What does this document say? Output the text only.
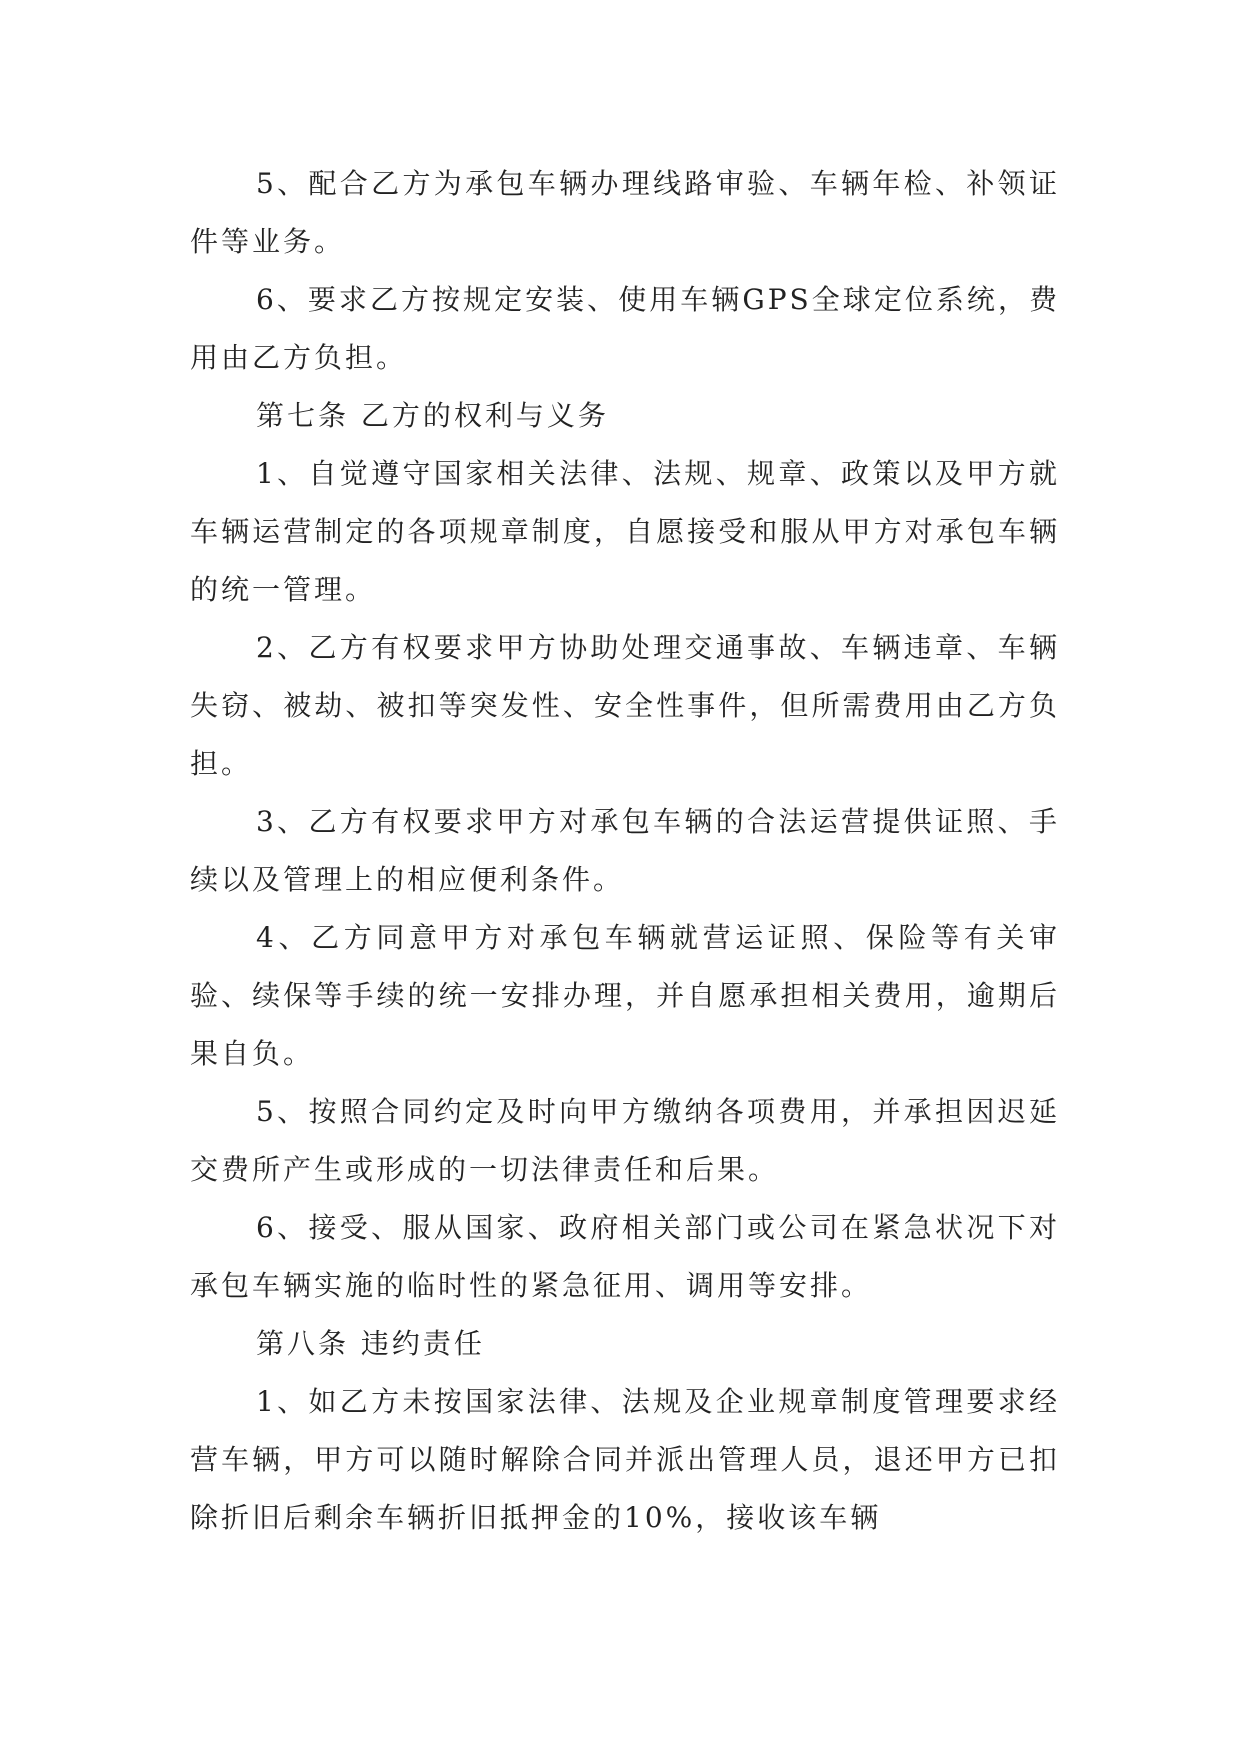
5、配合乙方为承包车辆办理线路审验、车辆年检、补领证件等业务。

6、要求乙方按规定安装、使用车辆GPS全球定位系统，费用由乙方负担。

第七条 乙方的权利与义务

1、自觉遵守国家相关法律、法规、规章、政策以及甲方就车辆运营制定的各项规章制度，自愿接受和服从甲方对承包车辆的统一管理。

2、乙方有权要求甲方协助处理交通事故、车辆违章、车辆失窃、被劫、被扣等突发性、安全性事件，但所需费用由乙方负担。

3、乙方有权要求甲方对承包车辆的合法运营提供证照、手续以及管理上的相应便利条件。

4、乙方同意甲方对承包车辆就营运证照、保险等有关审验、续保等手续的统一安排办理，并自愿承担相关费用，逾期后果自负。

5、按照合同约定及时向甲方缴纳各项费用，并承担因迟延交费所产生或形成的一切法律责任和后果。

6、接受、服从国家、政府相关部门或公司在紧急状况下对承包车辆实施的临时性的紧急征用、调用等安排。

第八条 违约责任

1、如乙方未按国家法律、法规及企业规章制度管理要求经营车辆，甲方可以随时解除合同并派出管理人员，退还甲方已扣除折旧后剩余车辆折旧抵押金的10%，接收该车辆
